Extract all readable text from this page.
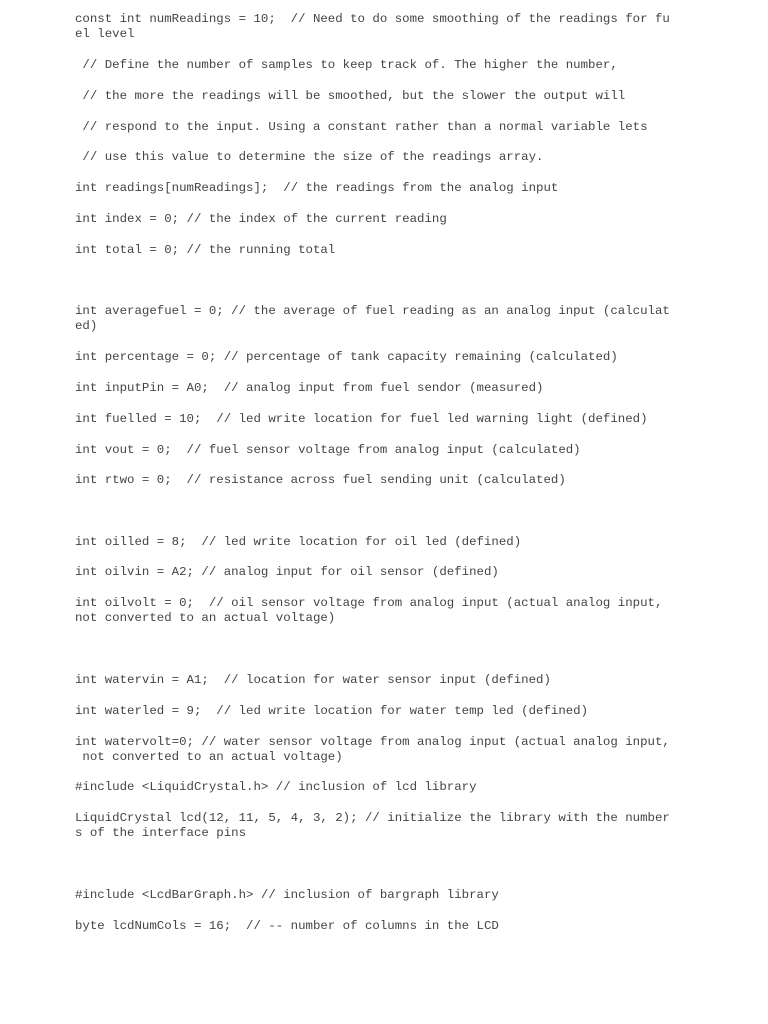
const int numReadings = 10;  // Need to do some smoothing of the readings for fu
el level
// Define the number of samples to keep track of. The higher the number,
// the more the readings will be smoothed, but the slower the output will
// respond to the input. Using a constant rather than a normal variable lets
// use this value to determine the size of the readings array.
int readings[numReadings];  // the readings from the analog input
int index = 0; // the index of the current reading
int total = 0; // the running total
int averagefuel = 0; // the average of fuel reading as an analog input (calculat
ed)
int percentage = 0; // percentage of tank capacity remaining (calculated)
int inputPin = A0;  // analog input from fuel sendor (measured)
int fuelled = 10;  // led write location for fuel led warning light (defined)
int vout = 0;  // fuel sensor voltage from analog input (calculated)
int rtwo = 0;  // resistance across fuel sending unit (calculated)
int oilled = 8;  // led write location for oil led (defined)
int oilvin = A2; // analog input for oil sensor (defined)
int oilvolt = 0;  // oil sensor voltage from analog input (actual analog input,
not converted to an actual voltage)
int watervin = A1;  // location for water sensor input (defined)
int waterled = 9;  // led write location for water temp led (defined)
int watervolt=0; // water sensor voltage from analog input (actual analog input,
not converted to an actual voltage)
#include <LiquidCrystal.h> // inclusion of lcd library
LiquidCrystal lcd(12, 11, 5, 4, 3, 2); // initialize the library with the number
s of the interface pins
#include <LcdBarGraph.h> // inclusion of bargraph library
byte lcdNumCols = 16;  // -- number of columns in the LCD
